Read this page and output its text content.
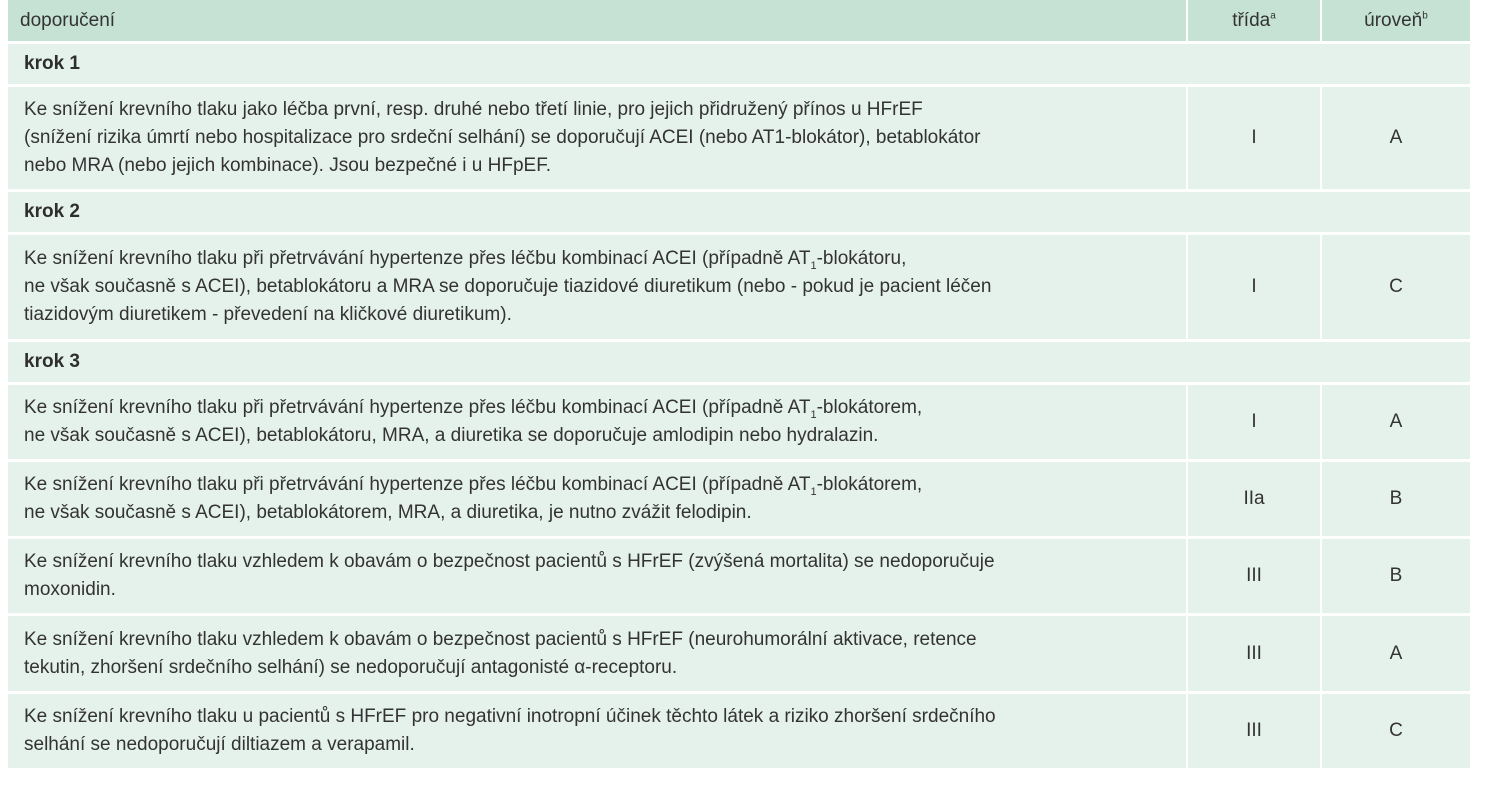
doporučení	třída$^a$	úroveň$^b$
krok 1		
Ke snížení krevního tlaku jako léčba první, resp. druhé nebo třetí linie, pro jejich přidružený přínos u HFrEF
(snížení rizika úmrtí nebo hospitalizace pro srdeční selhání) se doporučují ACEI (nebo AT1-blokátor), betablokátor
nebo MRA (nebo jejich kombinace). Jsou bezpečné i u HFpEF.	I	A
krok 2		
Ke snížení krevního tlaku při přetrvávání hypertenze přes léčbu kombinací ACEI (případně $AT_1$-blokátoru,
ne však současně s ACEI), betablokátoru a MRA se doporučuje tiazidové diuretikum (nebo - pokud je pacient léčen
tiazidovým diuretikem - převedení na kličkové diuretikum).	I	C
krok 3		
Ke snížení krevního tlaku při přetrvávání hypertenze přes léčbu kombinací ACEI (případně $AT_1$-blokátorem,
ne však současně s ACEI), betablokátoru, MRA, a diuretika se doporučuje amlodipin nebo hydralazin.	I	A
Ke snížení krevního tlaku při přetrvávání hypertenze přes léčbu kombinací ACEI (případně $AT_1$-blokátorem,
ne však současně s ACEI), betablokátorem, MRA, a diuretika, je nutno zvážit felodipin.	IIa	B
Ke snížení krevního tlaku vzhledem k obavám o bezpečnost pacientů s HFrEF (zvýšená mortalita) se nedoporučuje
moxonidin.	III	B
Ke snížení krevního tlaku vzhledem k obavám o bezpečnost pacientů s HFrEF (neurohumorální aktivace, retence
tekutin, zhoršení srdečního selhání) se nedoporučují antagonisté α-receptoru.	III	A
Ke snížení krevního tlaku u pacientů s HFrEF pro negativní inotropní účinek těchto látek a riziko zhoršení srdečního
selhání se nedoporučují diltiazem a verapamil.	III	C
